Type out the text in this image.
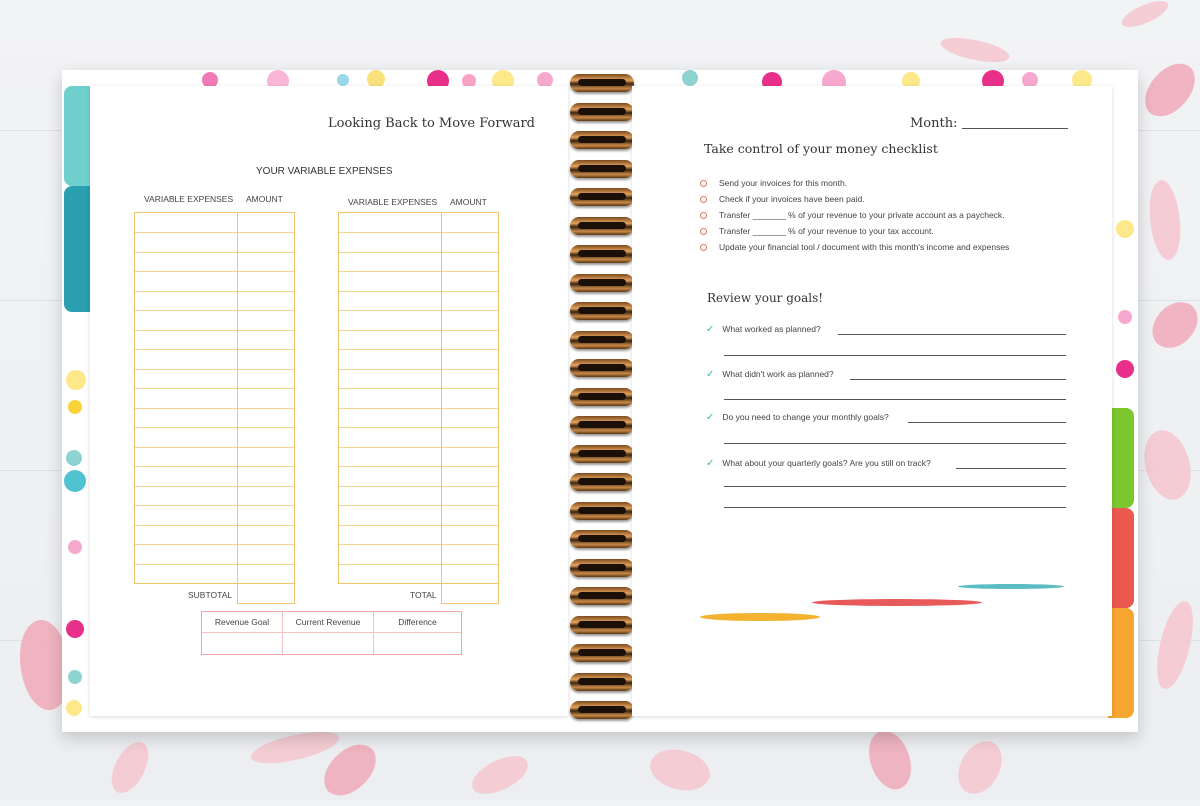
Looking Back to Move Forward
YOUR VARIABLE EXPENSES
VARIABLE EXPENSES AMOUNT
SUBTOTAL
VARIABLE EXPENSES AMOUNT
TOTAL
Revenue Goal	Current Revenue	Difference
Month:
Take control of your money checklist
Send your invoices for this month.
Check if your invoices have been paid.
Transfer _______ % of your revenue to your private account as a paycheck.
Transfer _______ % of your revenue to your tax account.
Update your financial tool / document with this month's income and expenses
Review your goals!
✓ What worked as planned?
✓ What didn't work as planned?
✓ Do you need to change your monthly goals?
✓ What about your quarterly goals? Are you still on track?
